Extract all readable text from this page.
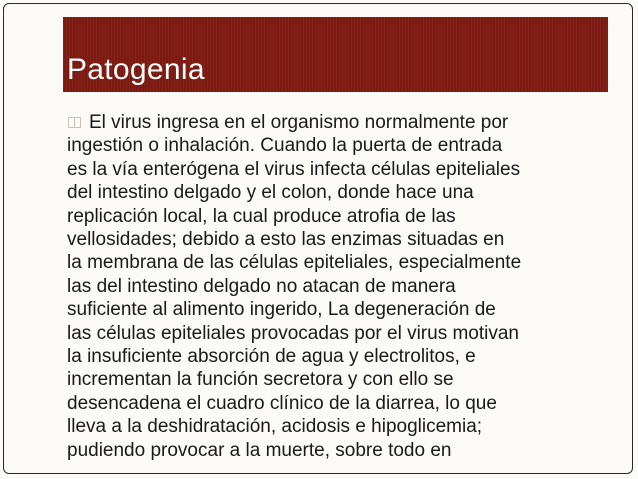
Patogenia
El virus ingresa en el organismo normalmente por
ingestión o inhalación. Cuando la puerta de entrada
es la vía enterógena el virus infecta células epiteliales
del intestino delgado y el colon, donde hace una
replicación local, la cual produce atrofia de las
vellosidades; debido a esto las enzimas situadas en
la membrana de las células epiteliales, especialmente
las del intestino delgado no atacan de manera
suficiente al alimento ingerido, La degeneración de
las células epiteliales provocadas por el virus motivan
la insuficiente absorción de agua y electrolitos, e
incrementan la función secretora y con ello se
desencadena el cuadro clínico de la diarrea, lo que
lleva a la deshidratación, acidosis e hipoglicemia;
pudiendo provocar a la muerte, sobre todo en
